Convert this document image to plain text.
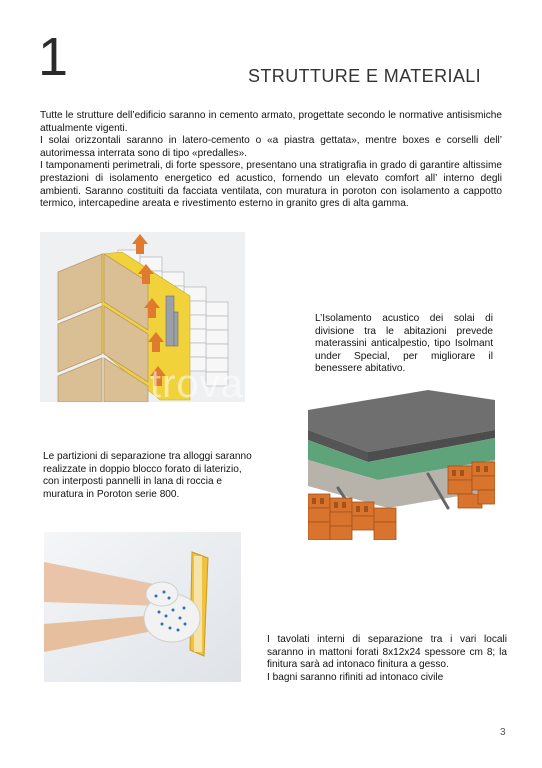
1	STRUTTURE E MATERIALI

Tutte le strutture dell’edificio saranno in cemento armato, progettate secondo le normative antisismiche attualmente vigenti.

I solai orizzontali saranno in latero-cemento o «a piastra gettata», mentre boxes e corselli dell’ autorimessa interrata sono di tipo «predalles».

I tamponamenti perimetrali, di forte spessore, presentano una stratigrafia in grado di garantire altissime prestazioni di isolamento energetico ed acustico, fornendo un elevato comfort all’ interno degli ambienti. Saranno costituiti da facciata ventilata, con muratura in poroton con isolamento a cappotto termico, intercapedine areata e rivestimento esterno in granito gres di alta gamma.

trovacasa

L’Isolamento acustico dei solai di divisione tra le abitazioni prevede materassini anticalpestio, tipo Isolmant under Special, per migliorare il benessere abitativo.

Le partizioni di separazione tra alloggi saranno realizzate in doppio blocco forato di laterizio, con interposti pannelli in lana di roccia e muratura in Poroton serie 800.

I tavolati interni di separazione tra i vari locali saranno in mattoni forati 8x12x24 spessore cm 8; la finitura sarà ad intonaco finitura a gesso.

I bagni saranno rifiniti ad intonaco civile

3
